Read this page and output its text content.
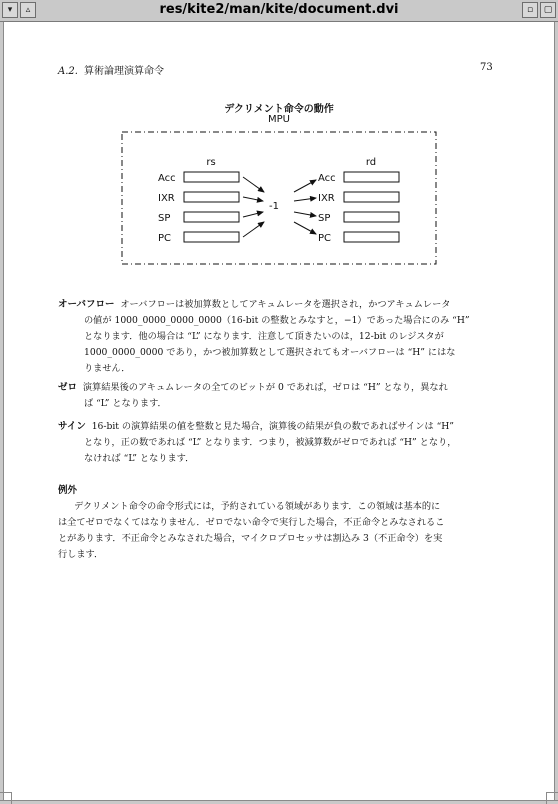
▾	▵	res/kite2/man/kite/document.dvi	▫	▢
A.2. 算術論理演算命令	73
デクリメント命令の動作
MPU
rs	rd
Acc
IXR
SP
PC
-1
Acc
IXR
SP
PC
オーバフロー オーバフローは被加算数としてアキュムレータを選択され，かつアキュムレータ
の値が 1000_0000_0000_0000（16-bit の整数とみなすと，−1）であった場合にのみ “H”
となります．他の場合は “L” になります．注意して頂きたいのは，12-bit のレジスタが
1000_0000_0000 であり，かつ被加算数として選択されてもオーバフローは “H” にはな
りません．
ゼロ 演算結果後のアキュムレータの全てのビットが 0 であれば，ゼロは “H” となり，異なれ
ば “L” となります．
サイン 16-bit の演算結果の値を整数と見た場合，演算後の結果が負の数であればサインは “H”
となり，正の数であれば “L” となります．つまり，被減算数がゼロであれば “H” となり，
なければ “L” となります．
例外
デクリメント命令の命令形式には，予約されている領域があります．この領域は基本的に
は全てゼロでなくてはなりません．ゼロでない命令で実行した場合，不正命令とみなされるこ
とがあります．不正命令とみなされた場合，マイクロプロセッサは割込み 3（不正命令）を実
行します．
